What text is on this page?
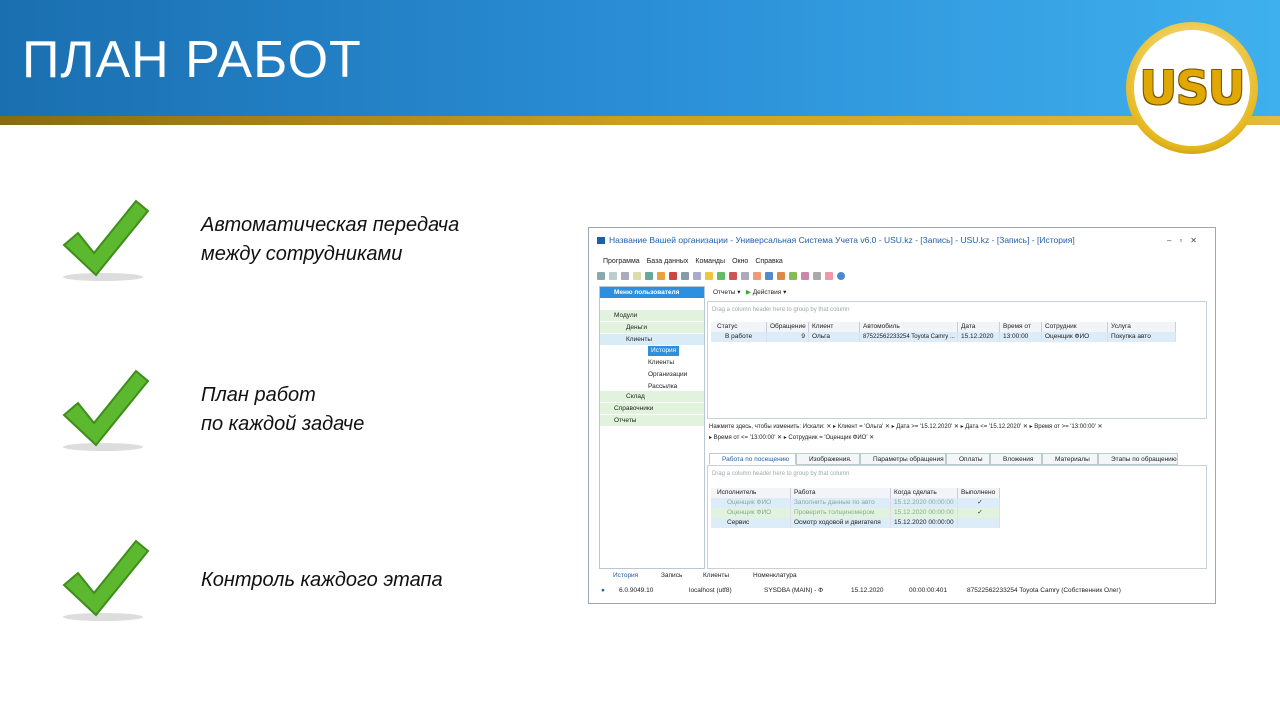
ПЛАН РАБОТ	USU
Автоматическая передача
между сотрудниками
План работ
по каждой задаче
Контроль каждого этапа
Название Вашей организации - Универсальная Система Учета v6.0 - USU.kz - [Запись] - USU.kz - [Запись] - [История]	–▫✕
Программа База данных Команды Окно Справка
Меню пользователя
Модули
Деньги
Клиенты
История
Клиенты
Организации
Рассылка
Склад
Справочники
Отчеты
Отчеты ▾   ▶ Действия ▾
Drag a column header here to group by that column
Статус	Обращение Клиент	Автомобиль	Дата	Время от	Сотрудник	Услуга
В работе	9	Ольга	87522562233254 Toyota Camry ... 15.12.2020	13:00:00	Оценщик ФИО	Покупка авто
Нажмите здесь, чтобы изменить: Искали: ✕ ▸ Клиент = 'Ольга' ✕ ▸ Дата >= '15.12.2020' ✕ ▸ Дата <= '15.12.2020' ✕ ▸ Время от >= '13:00:00' ✕
▸ Время от <= '13:00:00' ✕ ▸ Сотрудник = 'Оценщик ФИО' ✕
Работа по посещению	Изображения.	Параметры обращения	Оплаты	Вложения	Материалы	Этапы по обращению
Drag a column header here to group by that column
Исполнитель	Работа	Когда сделать	Выполнено
Оценщик ФИО	Заполнить данные по авто	15.12.2020 00:00:00	✓
Оценщик ФИО	Проверить толщиномером	15.12.2020 00:00:00	✓
Сервис	Осмотр ходовой и двигателя	15.12.2020 00:00:00
История	Запись	Клиенты	Номенклатура
● 6.0.9049.10	localhost (utf8)	SYSDBA (MAIN) - Ф	15.12.2020	00:00:00:401	87522562233254 Toyota Camry (Собственник Олег)
